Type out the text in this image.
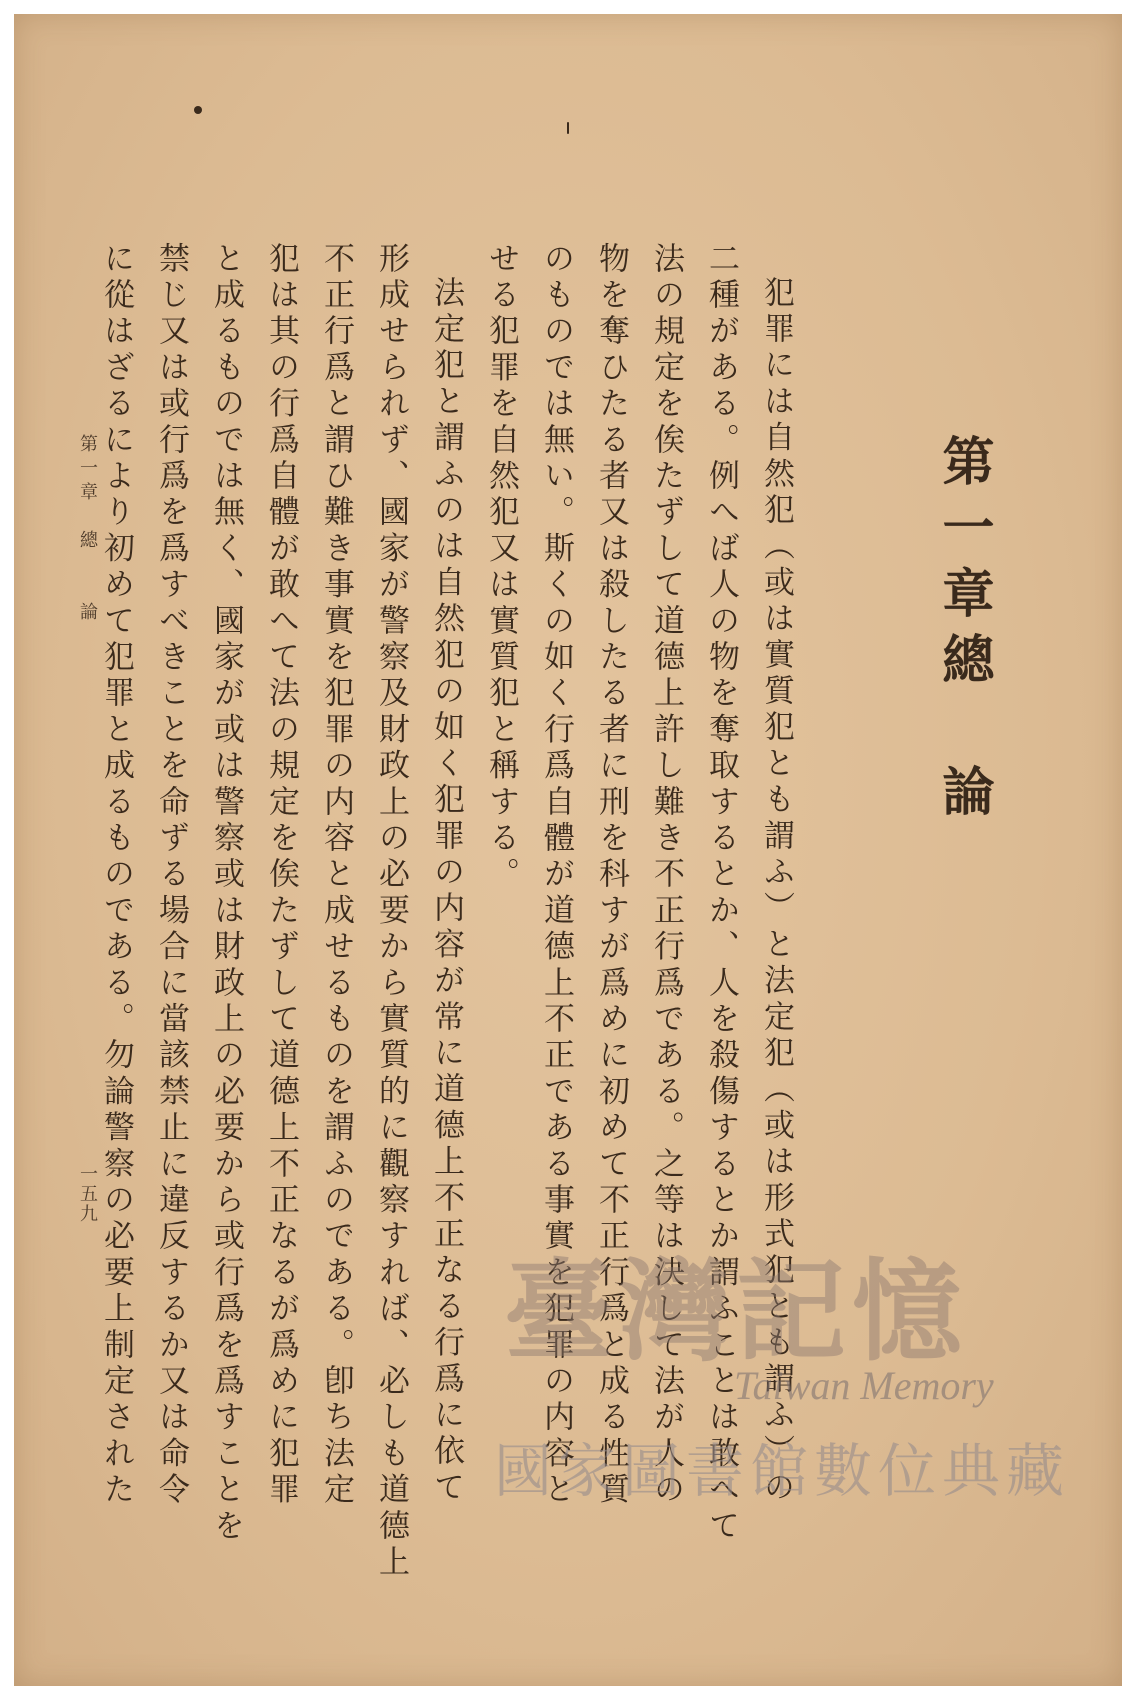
第一章總　論
犯罪には自然犯（或は實質犯とも謂ふ）と法定犯（或は形式犯とも謂ふ）の
二種がある。例へば人の物を奪取するとか、人を殺傷するとか謂ふことは敢へて
法の規定を俟たずして道德上許し難き不正行爲である。之等は決して法が人の
物を奪ひたる者又は殺したる者に刑を科すが爲めに初めて不正行爲と成る性質
のものでは無い。斯くの如く行爲自體が道德上不正である事實を犯罪の内容と
せる犯罪を自然犯又は實質犯と稱する。
法定犯と謂ふのは自然犯の如く犯罪の内容が常に道德上不正なる行爲に依て
形成せられず、國家が警察及財政上の必要から實質的に觀察すれば、必しも道德上
不正行爲と謂ひ難き事實を犯罪の内容と成せるものを謂ふのである。卽ち法定
犯は其の行爲自體が敢へて法の規定を俟たずして道德上不正なるが爲めに犯罪
と成るものでは無く、國家が或は警察或は財政上の必要から或行爲を爲すことを
禁じ又は或行爲を爲すべきことを命ずる場合に當該禁止に違反するか又は命令
に從はざるにより初めて犯罪と成るものである。勿論警察の必要上制定された
第一章　總　　論
一五九
臺灣記憶
Taiwan Memory
國家圖書館數位典藏
